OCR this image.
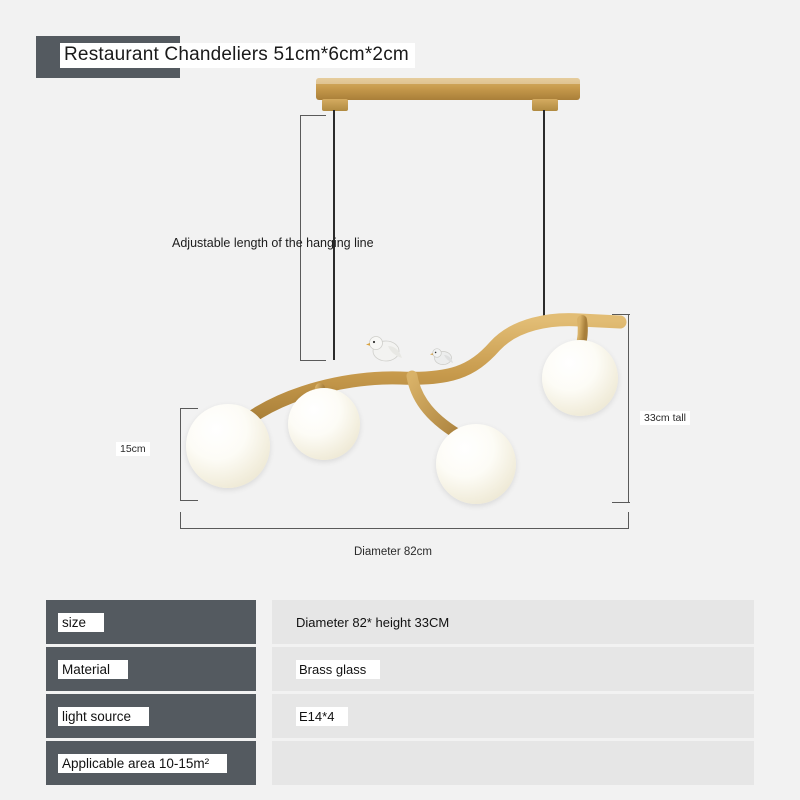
Restaurant Chandeliers 51cm*6cm*2cm
Adjustable length of the hanging line
15cm
33cm tall
Diameter 82cm
size	Diameter 82* height 33CM
Material	Brass glass
light source	E14*4
Applicable area 10-15m²
